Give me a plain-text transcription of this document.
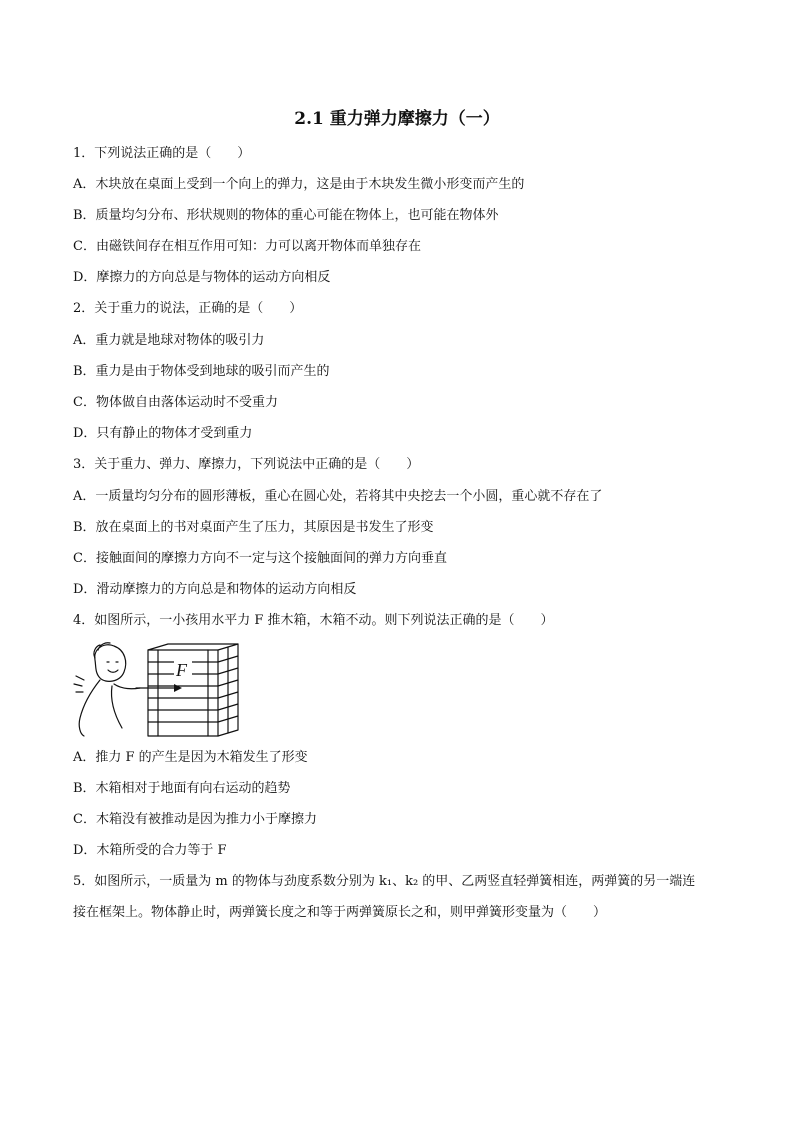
2.1 重力弹力摩擦力（一）
1．下列说法正确的是（　　）
A．木块放在桌面上受到一个向上的弹力，这是由于木块发生微小形变而产生的
B．质量均匀分布、形状规则的物体的重心可能在物体上，也可能在物体外
C．由磁铁间存在相互作用可知：力可以离开物体而单独存在
D．摩擦力的方向总是与物体的运动方向相反
2．关于重力的说法，正确的是（　　）
A．重力就是地球对物体的吸引力
B．重力是由于物体受到地球的吸引而产生的
C．物体做自由落体运动时不受重力
D．只有静止的物体才受到重力
3．关于重力、弹力、摩擦力，下列说法中正确的是（　　）
A．一质量均匀分布的圆形薄板，重心在圆心处，若将其中央挖去一个小圆，重心就不存在了
B．放在桌面上的书对桌面产生了压力，其原因是书发生了形变
C．接触面间的摩擦力方向不一定与这个接触面间的弹力方向垂直
D．滑动摩擦力的方向总是和物体的运动方向相反
4．如图所示，一小孩用水平力 F 推木箱，木箱不动。则下列说法正确的是（　　）
F
A．推力 F 的产生是因为木箱发生了形变
B．木箱相对于地面有向右运动的趋势
C．木箱没有被推动是因为推力小于摩擦力
D．木箱所受的合力等于 F
5．如图所示，一质量为 m 的物体与劲度系数分别为 k₁、k₂ 的甲、乙两竖直轻弹簧相连，两弹簧的另一端连
接在框架上。物体静止时，两弹簧长度之和等于两弹簧原长之和，则甲弹簧形变量为（　　）
